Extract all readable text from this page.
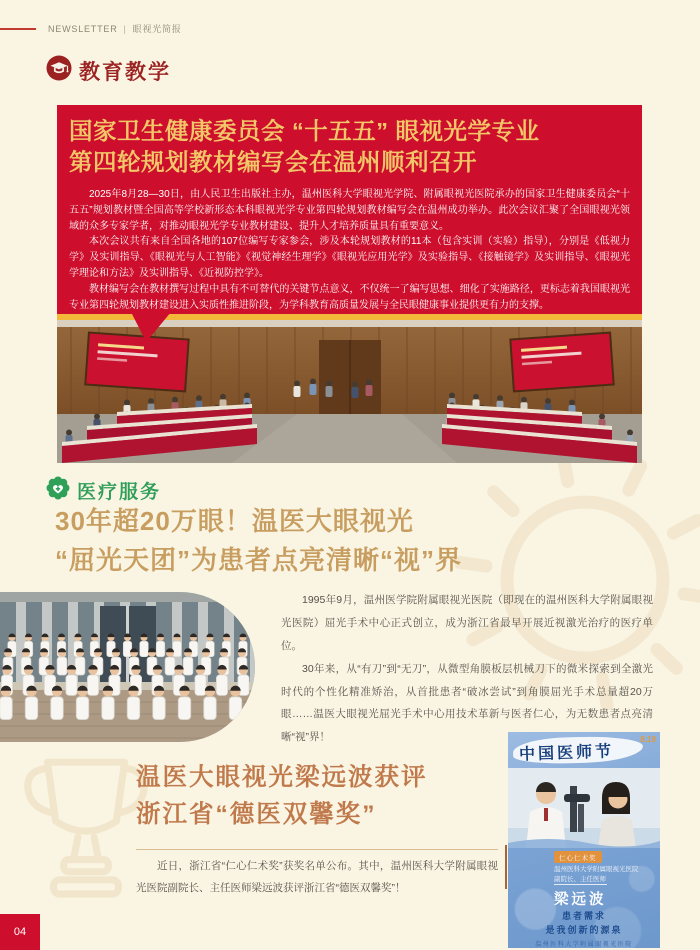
NEWSLETTER | 眼视光简报
教育教学
国家卫生健康委员会 “十五五” 眼视光学专业
第四轮规划教材编写会在温州顺利召开

2025年8月28—30日，由人民卫生出版社主办，温州医科大学眼视光学院、附属眼视光医院承办的国家卫生健康委员会“十五五”规划教材暨全国高等学校新形态本科眼视光学专业第四轮规划教材编写会在温州成功举办。此次会议汇聚了全国眼视光领域的众多专家学者，对推动眼视光学专业教材建设、提升人才培养质量具有重要意义。

本次会议共有来自全国各地的107位编写专家参会，涉及本轮规划教材的11本（包含实训（实验）指导），分别是《低视力学》及实训指导、《眼视光与人工智能》《视觉神经生理学》《眼视光应用光学》及实验指导、《接触镜学》及实训指导、《眼视光学理论和方法》及实训指导、《近视防控学》。

教材编写会在教材撰写过程中具有不可替代的关键节点意义，不仅统一了编写思想、细化了实施路径，更标志着我国眼视光专业第四轮规划教材建设进入实质性推进阶段，为学科教育高质量发展与全民眼健康事业提供更有力的支撑。

医疗服务
30年超20万眼！温医大眼视光
“屈光天团”为患者点亮清晰“视”界

1995年9月，温州医学院附属眼视光医院（即现在的温州医科大学附属眼视光医院）屈光手术中心正式创立，成为浙江省最早开展近视激光治疗的医疗单位。

30年来，从“有刀”到“无刀”，从微型角膜板层机械刀下的微米探索到全激光时代的个性化精准矫治，从首批患者“破冰尝试”到角膜屈光手术总量超20万眼……温医大眼视光屈光手术中心用技术革新与医者仁心，为无数患者点亮清晰“视”界！

温医大眼视光梁远波获评
浙江省“德医双馨奖”

近日，浙江省“仁心仁术奖”获奖名单公布。其中，温州医科大学附属眼视光医院副院长、主任医师梁远波获评浙江省“德医双馨奖”！

中国医师节
8.19
仁心仁术奖
温州医科大学附属眼视光医院
副院长、主任医师
梁远波
患者需求
是我创新的源泉
温州医科大学附属眼视光医院
04
